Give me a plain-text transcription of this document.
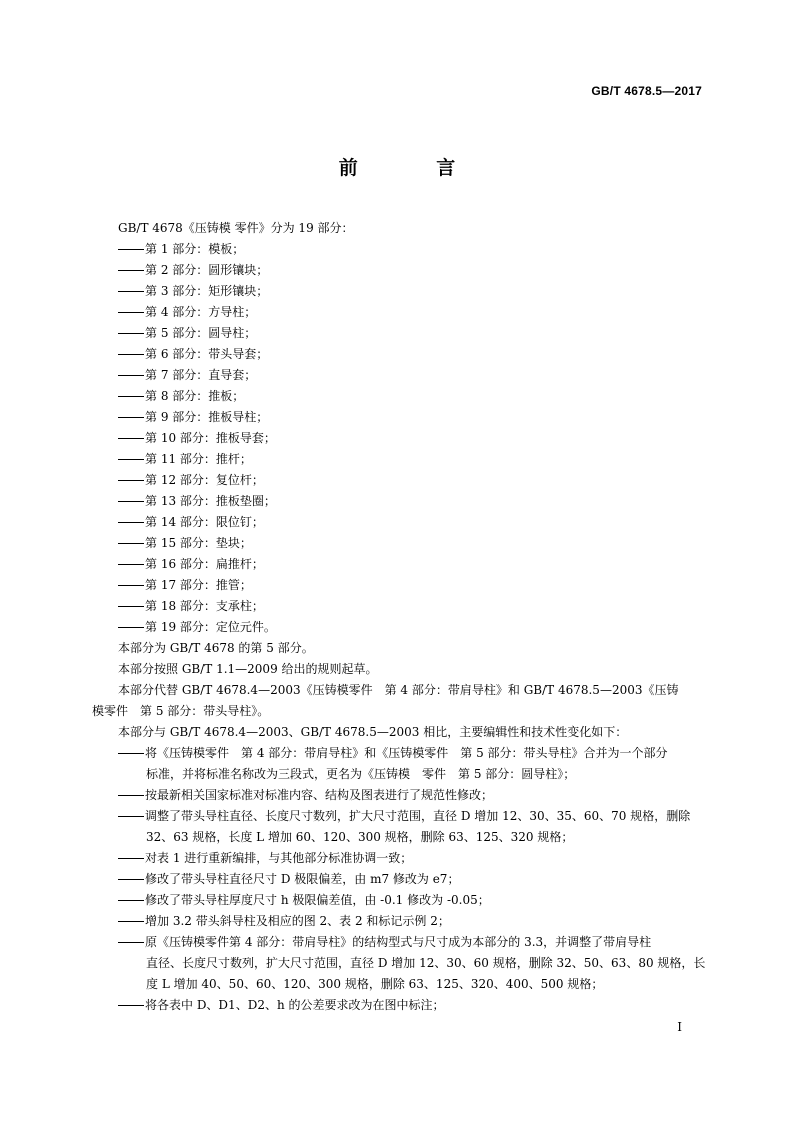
GB/T 4678.5—2017
前 言
GB/T 4678《压铸模 零件》分为 19 部分：
第 1 部分：模板；
第 2 部分：圆形镶块；
第 3 部分：矩形镶块；
第 4 部分：方导柱；
第 5 部分：圆导柱；
第 6 部分：带头导套；
第 7 部分：直导套；
第 8 部分：推板；
第 9 部分：推板导柱；
第 10 部分：推板导套；
第 11 部分：推杆；
第 12 部分：复位杆；
第 13 部分：推板垫圈；
第 14 部分：限位钉；
第 15 部分：垫块；
第 16 部分：扁推杆；
第 17 部分：推管；
第 18 部分：支承柱；
第 19 部分：定位元件。
本部分为 GB/T 4678 的第 5 部分。
本部分按照 GB/T 1.1—2009 给出的规则起草。
本部分代替 GB/T 4678.4—2003《压铸模零件　第 4 部分：带肩导柱》和 GB/T 4678.5—2003《压铸
模零件　第 5 部分：带头导柱》。
本部分与 GB/T 4678.4—2003、GB/T 4678.5—2003 相比，主要编辑性和技术性变化如下：
将《压铸模零件　第 4 部分：带肩导柱》和《压铸模零件　第 5 部分：带头导柱》合并为一个部分
标准，并将标准名称改为三段式，更名为《压铸模　零件　第 5 部分：圆导柱》；
按最新相关国家标准对标准内容、结构及图表进行了规范性修改；
调整了带头导柱直径、长度尺寸数列，扩大尺寸范围，直径 D 增加 12、30、35、60、70 规格，删除
32、63 规格，长度 L 增加 60、120、300 规格，删除 63、125、320 规格；
对表 1 进行重新编排，与其他部分标准协调一致；
修改了带头导柱直径尺寸 D 极限偏差，由 m7 修改为 e7；
修改了带头导柱厚度尺寸 h 极限偏差值，由 -0.1 修改为 -0.05；
增加 3.2 带头斜导柱及相应的图 2、表 2 和标记示例 2；
原《压铸模零件第 4 部分：带肩导柱》的结构型式与尺寸成为本部分的 3.3，并调整了带肩导柱
直径、长度尺寸数列，扩大尺寸范围，直径 D 增加 12、30、60 规格，删除 32、50、63、80 规格，长
度 L 增加 40、50、60、120、300 规格，删除 63、125、320、400、500 规格；
将各表中 D、D1、D2、h 的公差要求改为在图中标注；
I
